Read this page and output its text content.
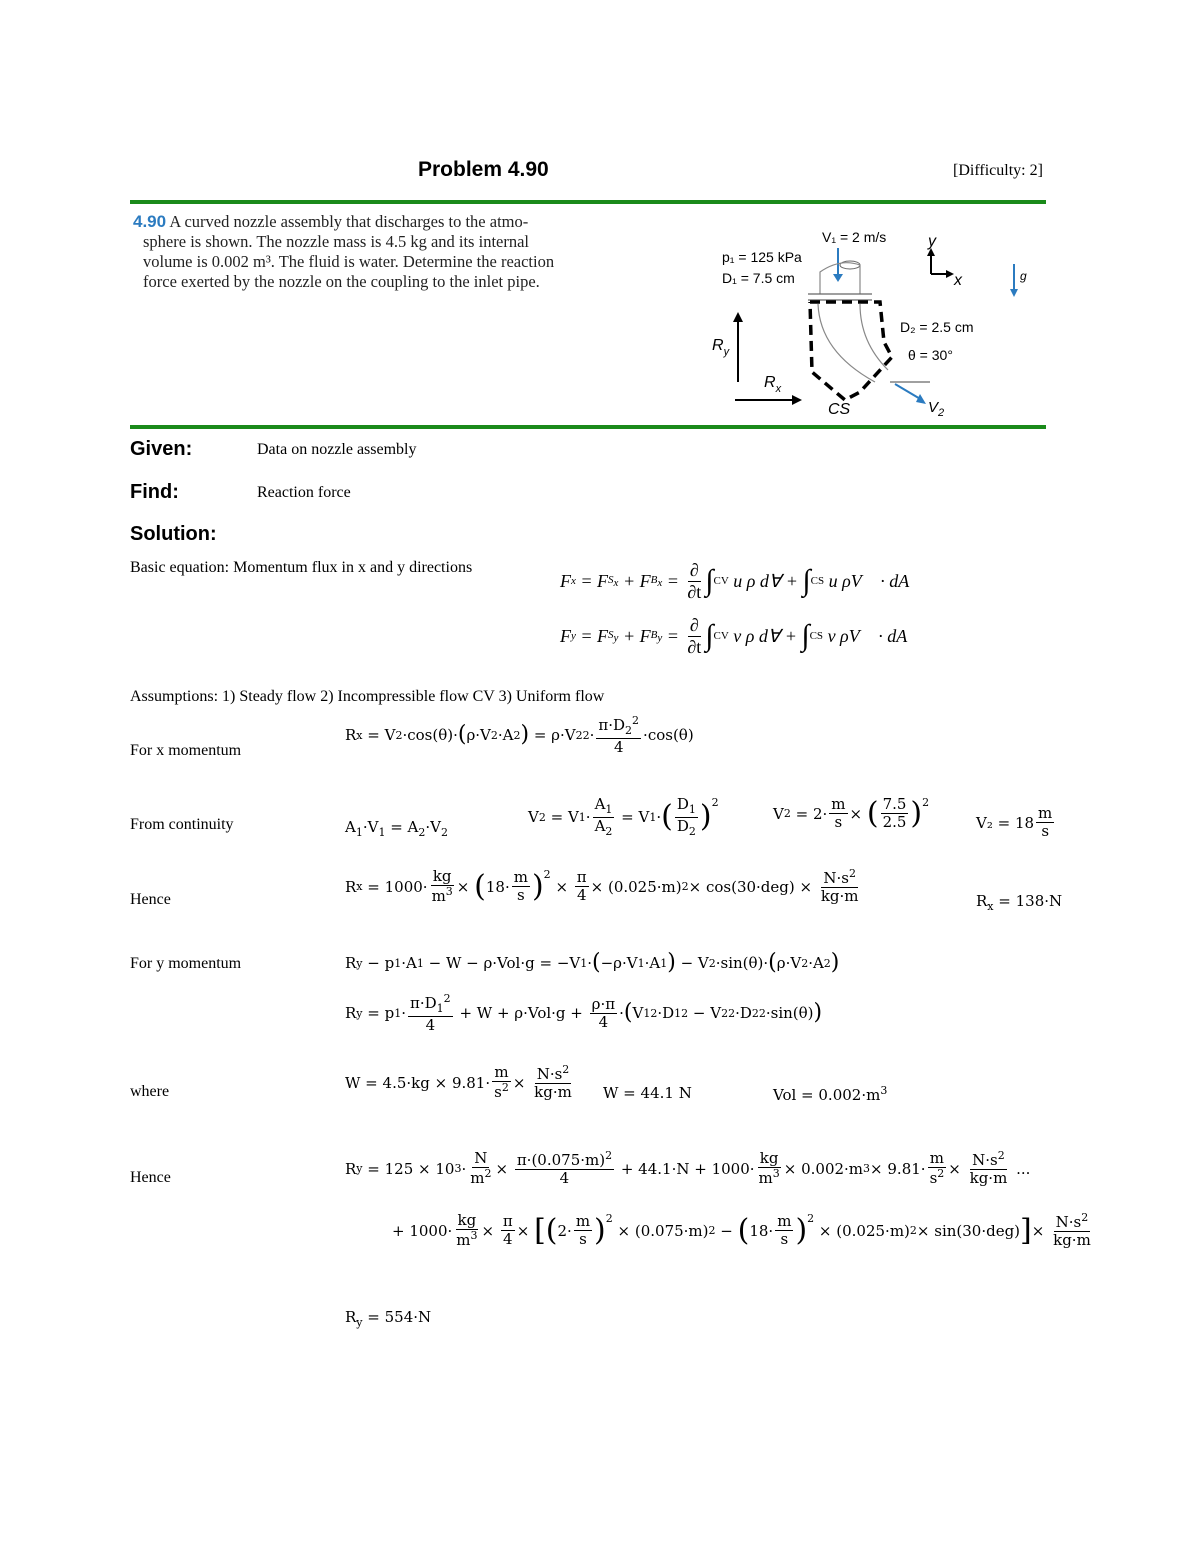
Problem 4.90	[Difficulty: 2]
4.90 A curved nozzle assembly that discharges to the atmo-
sphere is shown. The nozzle mass is 4.5 kg and its internal
volume is 0.002 m³. The fluid is water. Determine the reaction
force exerted by the nozzle on the coupling to the inlet pipe.
V₁ = 2 m/s
p₁ = 125 kPa
D₁ = 7.5 cm
$R_y$
$R_x$
CS	$V_2$
D₂ = 2.5 cm
θ = 30°
y
x	g
Given:	Data on nozzle assembly
Find:	Reaction force
Solution:
Basic equation: Momentum flux in x and y directions
F x = F $S_x + F$ $B_x = \frac{\partial}{\partial t}$ ∫ CV u ρ d∀ + ∫ CS u ρV⃗ · dA⃗
F y = F $S_y + F$ $B_y = \frac{\partial}{\partial t}$ ∫ CV v ρ d∀ + ∫ CS v ρV⃗ · dA⃗
Assumptions: 1) Steady flow 2) Incompressible flow CV 3) Uniform flow
For x momentum
R x = V 2 ·cos(θ)· ( ρ·V 2 ·A 2 ) = ρ·V 2 $2 \cdot \frac{\pi\cdot D_2^2}{4} \cdot\cos(\theta)$
From continuity	$A_1\cdot V_1 = A_2\cdot V_2$
V 2 = V $1 \cdot \frac{A_1}{A_2} = V$ 1 · ( $\frac{D_1}{D_2} )^2$
V $2 = 2\cdot \frac{m}{s}$ × ( $\frac{7.5}{2.5} )^2$
$V_2 = 18 \frac{m}{s}$
Hence
R $x = 1000\cdot \frac{kg}{m^3}$ × ( $18\cdot \frac{m}{s} )^2$
× $\frac{\pi}{4} \times (0.025\cdot m) 2 \times \cos(30\cdot deg) \times \frac{N\cdot s^2}{kg\cdot m}$	$R_x = 138\cdot N$
For y momentum	R y − p 1 ·A 1 − W − ρ·Vol·g = −V 1 · ( −ρ·V 1 ·A 1 ) − V 2 ·sin(θ)· ( ρ·V 2 ·A 2 )
R y = p $1 \cdot \frac{\pi\cdot D_1^2}{4} + W + \rho\cdot Vol\cdot g + \frac{\rho\cdot\pi}{4}$ · ( V 1 2 ·D 1 2 − V 2 2 ·D 2 2 ·sin(θ) )
where	$W = 4.5\cdot kg \times 9.81\cdot \frac{m}{s^2} \times \frac{N\cdot s^2}{kg\cdot m}$ W = 44.1 N	Vol = $0.002\cdot m^3$
Hence	R y = 125 × 10 $3 \cdot \frac{N}{m^2} \times \frac{\pi\cdot(0.075\cdot m)^2}{4} + 44.1\cdot N + 1000\cdot \frac{kg}{m^3} \times 0.002\cdot m$ $3 \times 9.81\cdot \frac{m}{s^2} \times \frac{N\cdot s^2}{kg\cdot m}$ ...
+ $1000\cdot \frac{kg}{m^3} \times \frac{\pi}{4}$ × [ ( $2\cdot \frac{m}{s} )^2$
× $(0.075\cdot m)_2$ − ( $18\cdot \frac{m}{s} )^2$
× $(0.025\cdot m)_2 \times \sin(30\cdot deg)$ ] × $\frac{N\cdot s^2}{kg\cdot m}$
$R_y = 554\cdot N$
